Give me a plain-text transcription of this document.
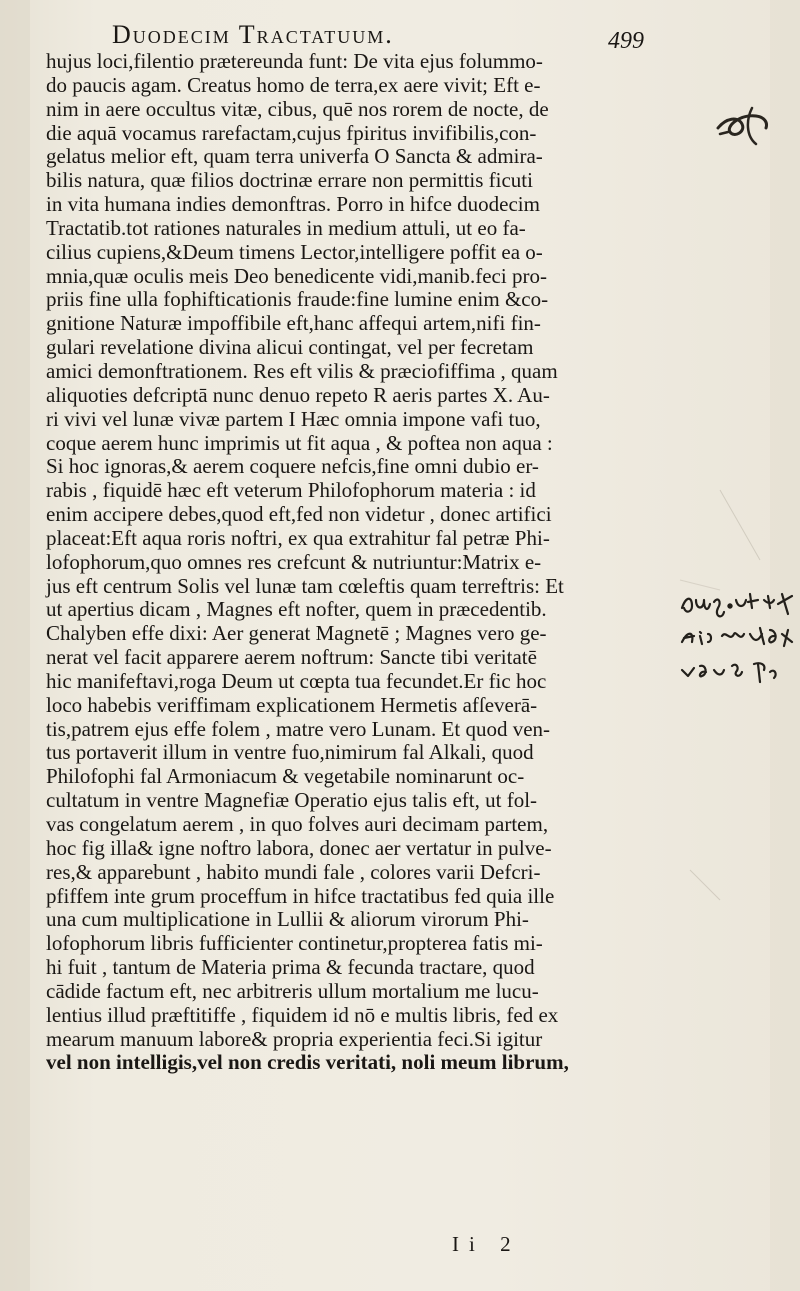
Duodecim Tractatuum.	499
hujus loci,filentio prætereunda funt: De vita ejus folummo-
do paucis agam. Creatus homo de terra,ex aere vivit; Eft e-
nim in aere occultus vitæ, cibus, quē nos rorem de nocte, de
die aquā vocamus rarefactam,cujus fpiritus invifibilis,con-
gelatus melior eft, quam terra univerfa O Sancta & admira-
bilis natura, quæ filios doctrinæ errare non permittis ficuti
in vita humana indies demonftras. Porro in hifce duodecim
Tractatib.tot rationes naturales in medium attuli, ut eo fa-
cilius cupiens,&Deum timens Lector,intelligere poffit ea o-
mnia,quæ oculis meis Deo benedicente vidi,manib.feci pro-
priis fine ulla fophifticationis fraude:fine lumine enim &co-
gnitione Naturæ impoffibile eft,hanc affequi artem,nifi fin-
gulari revelatione divina alicui contingat, vel per fecretam
amici demonftrationem. Res eft vilis & præciofiffima , quam
aliquoties defcriptā nunc denuo repeto R aeris partes X. Au-
ri vivi vel lunæ vivæ partem I Hæc omnia impone vafi tuo,
coque aerem hunc imprimis ut fit aqua , & poftea non aqua :
Si hoc ignoras,& aerem coquere nefcis,fine omni dubio er-
rabis , fiquidē hæc eft veterum Philofophorum materia : id
enim accipere debes,quod eft,fed non videtur , donec artifici
placeat:Eft aqua roris noftri, ex qua extrahitur fal petræ Phi-
lofophorum,quo omnes res crefcunt & nutriuntur:Matrix e-
jus eft centrum Solis vel lunæ tam cœleftis quam terreftris: Et
ut apertius dicam , Magnes eft nofter, quem in præcedentib.
Chalyben effe dixi: Aer generat Magnetē ; Magnes vero ge-
nerat vel facit apparere aerem noftrum: Sancte tibi veritatē
hic manifeftavi,roga Deum ut cœpta tua fecundet.Er fic hoc
loco habebis veriffimam explicationem Hermetis afſeverā-
tis,patrem ejus effe folem , matre vero Lunam. Et quod ven-
tus portaverit illum in ventre fuo,nimirum fal Alkali, quod
Philofophi fal Armoniacum & vegetabile nominarunt oc-
cultatum in ventre Magnefiæ Operatio ejus talis eft, ut fol-
vas congelatum aerem , in quo folves auri decimam partem,
hoc fig illa& igne noftro labora, donec aer vertatur in pulve-
res,& apparebunt , habito mundi fale , colores varii Defcri-
pfiffem inte grum proceffum in hifce tractatibus fed quia ille
una cum multiplicatione in Lullii & aliorum virorum Phi-
lofophorum libris fufficienter continetur,propterea fatis mi-
hi fuit , tantum de Materia prima & fecunda tractare, quod
cādide factum eft, nec arbitreris ullum mortalium me lucu-
lentius illud præftitiffe , fiquidem id nō e multis libris, fed ex
mearum manuum labore& propria experientia feci.Si igitur
vel non intelligis,vel non credis veritati, noli meum librum,
Ii 2
